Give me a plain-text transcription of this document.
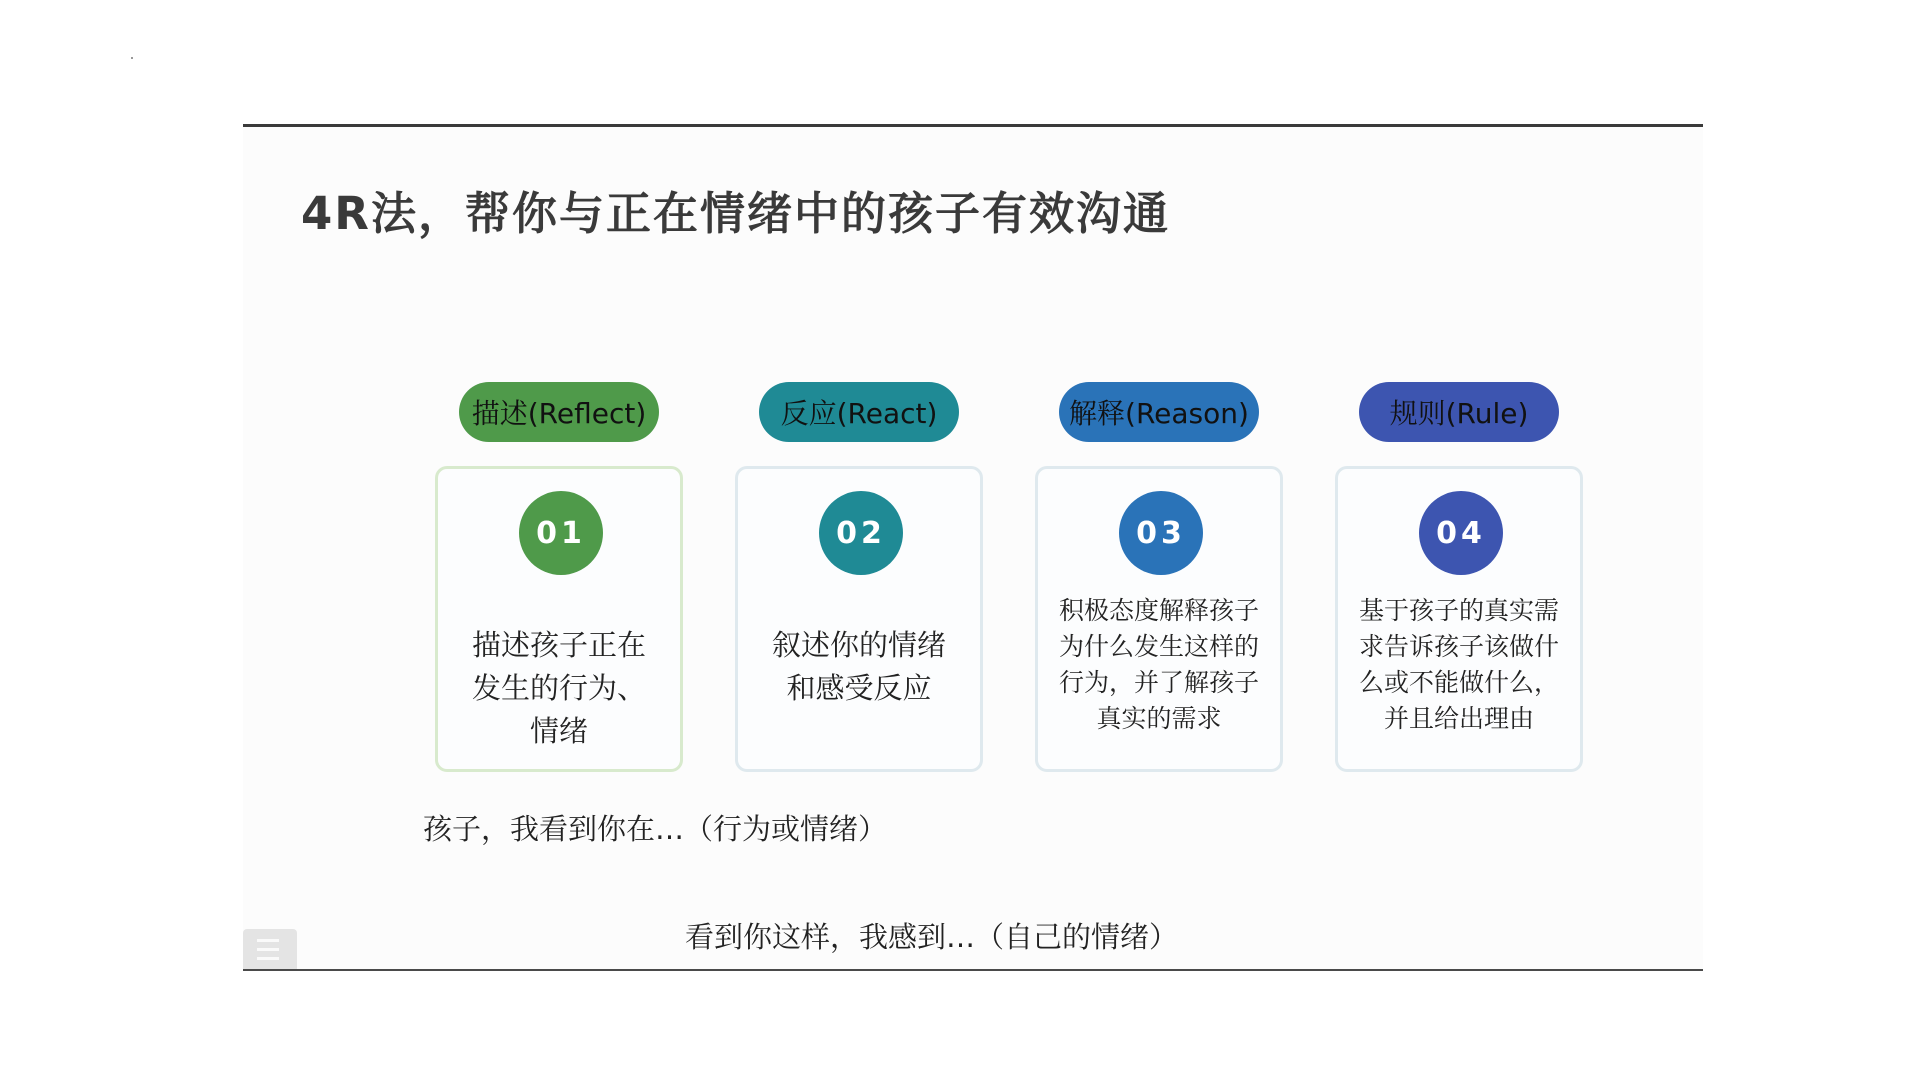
4R法，帮你与正在情绪中的孩子有效沟通
描述(Reflect)
01
描述孩子正在发生的行为、情绪
反应(React)
02
叙述你的情绪和感受反应
解释(Reason)
03
积极态度解释孩子为什么发生这样的行为，并了解孩子真实的需求
规则(Rule)
04
基于孩子的真实需求告诉孩子该做什么或不能做什么，并且给出理由
孩子，我看到你在…（行为或情绪）
看到你这样，我感到…（自己的情绪）
